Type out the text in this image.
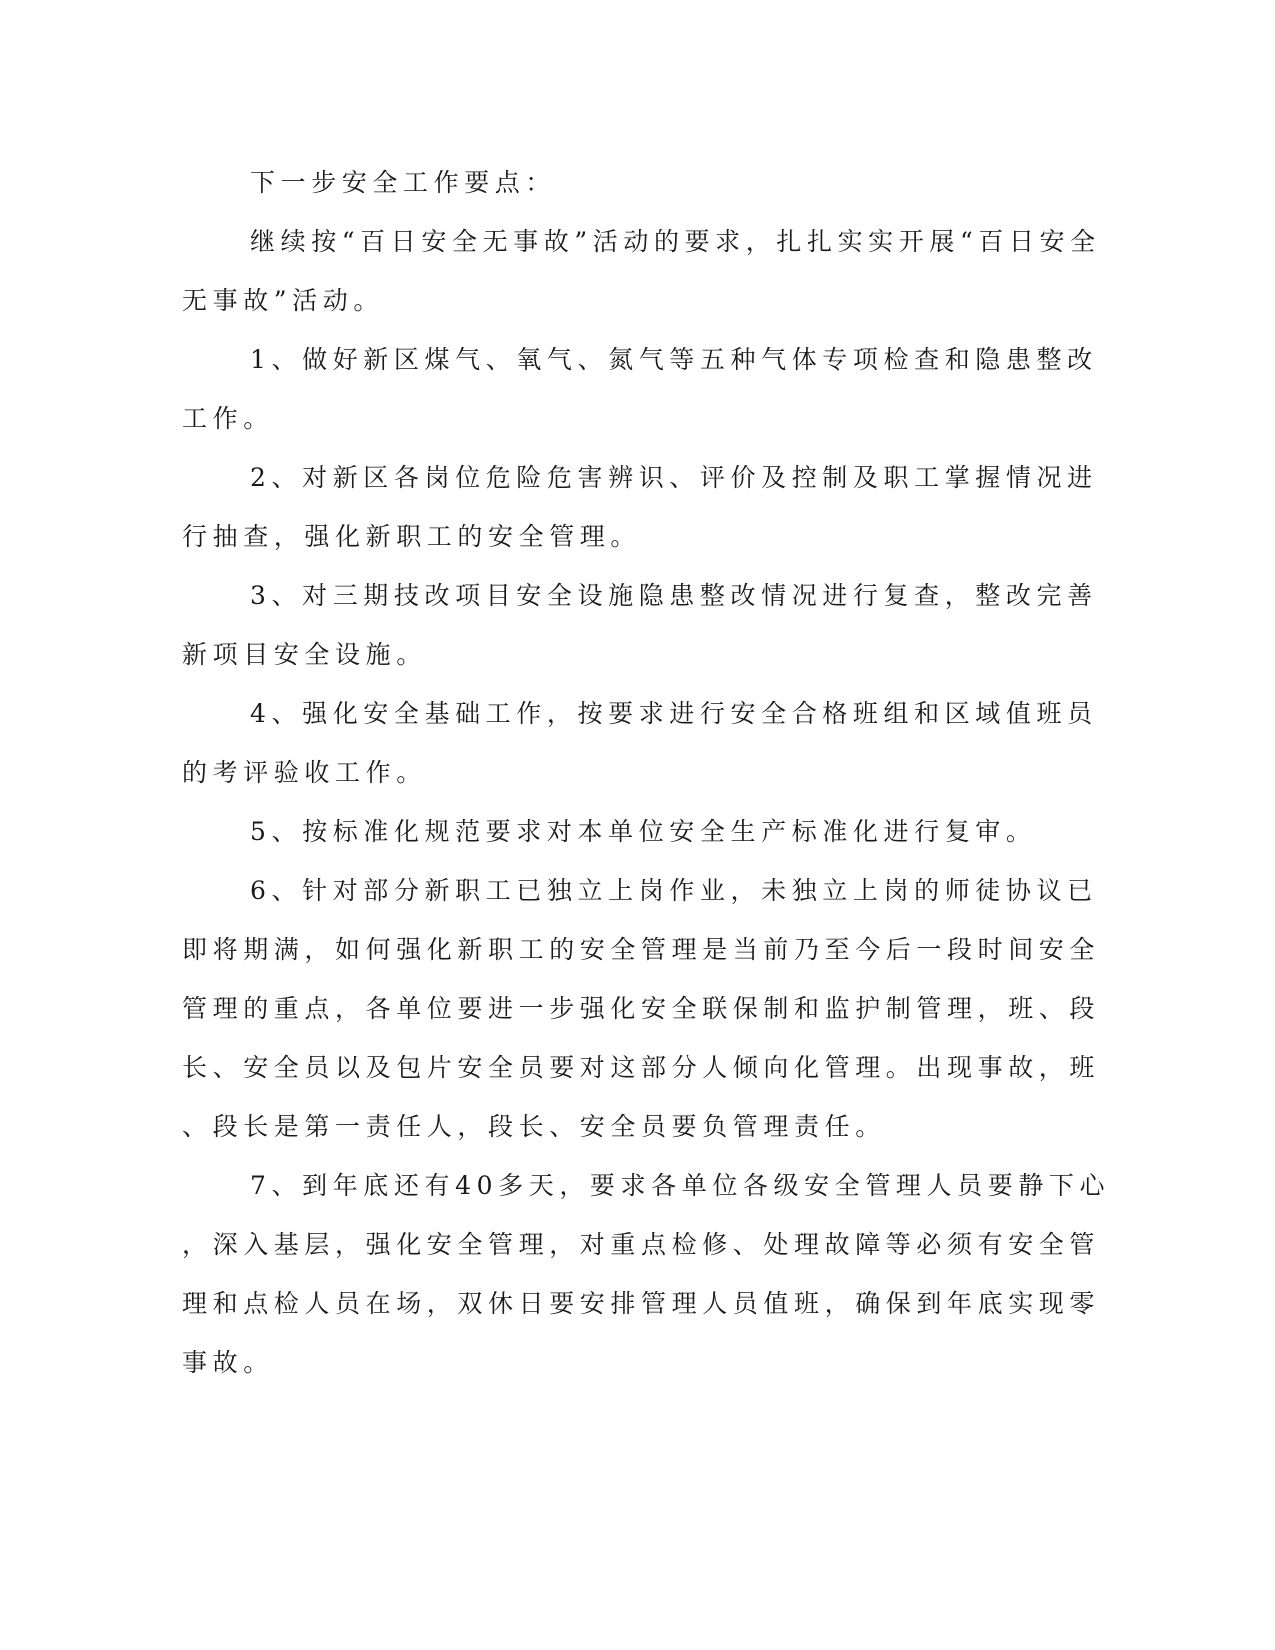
下一步安全工作要点：

继续按“百日安全无事故”活动的要求，扎扎实实开展“百日安全

无事故”活动。

1、做好新区煤气、氧气、氮气等五种气体专项检查和隐患整改

工作。

2、对新区各岗位危险危害辨识、评价及控制及职工掌握情况进

行抽查，强化新职工的安全管理。

3、对三期技改项目安全设施隐患整改情况进行复查，整改完善

新项目安全设施。

4、强化安全基础工作，按要求进行安全合格班组和区域值班员

的考评验收工作。

5、按标准化规范要求对本单位安全生产标准化进行复审。

6、针对部分新职工已独立上岗作业，未独立上岗的师徒协议已

即将期满，如何强化新职工的安全管理是当前乃至今后一段时间安全

管理的重点，各单位要进一步强化安全联保制和监护制管理，班、段

长、安全员以及包片安全员要对这部分人倾向化管理。出现事故，班

、段长是第一责任人，段长、安全员要负管理责任。

7、到年底还有40多天，要求各单位各级安全管理人员要静下心

，深入基层，强化安全管理，对重点检修、处理故障等必须有安全管

理和点检人员在场，双休日要安排管理人员值班，确保到年底实现零

事故。
